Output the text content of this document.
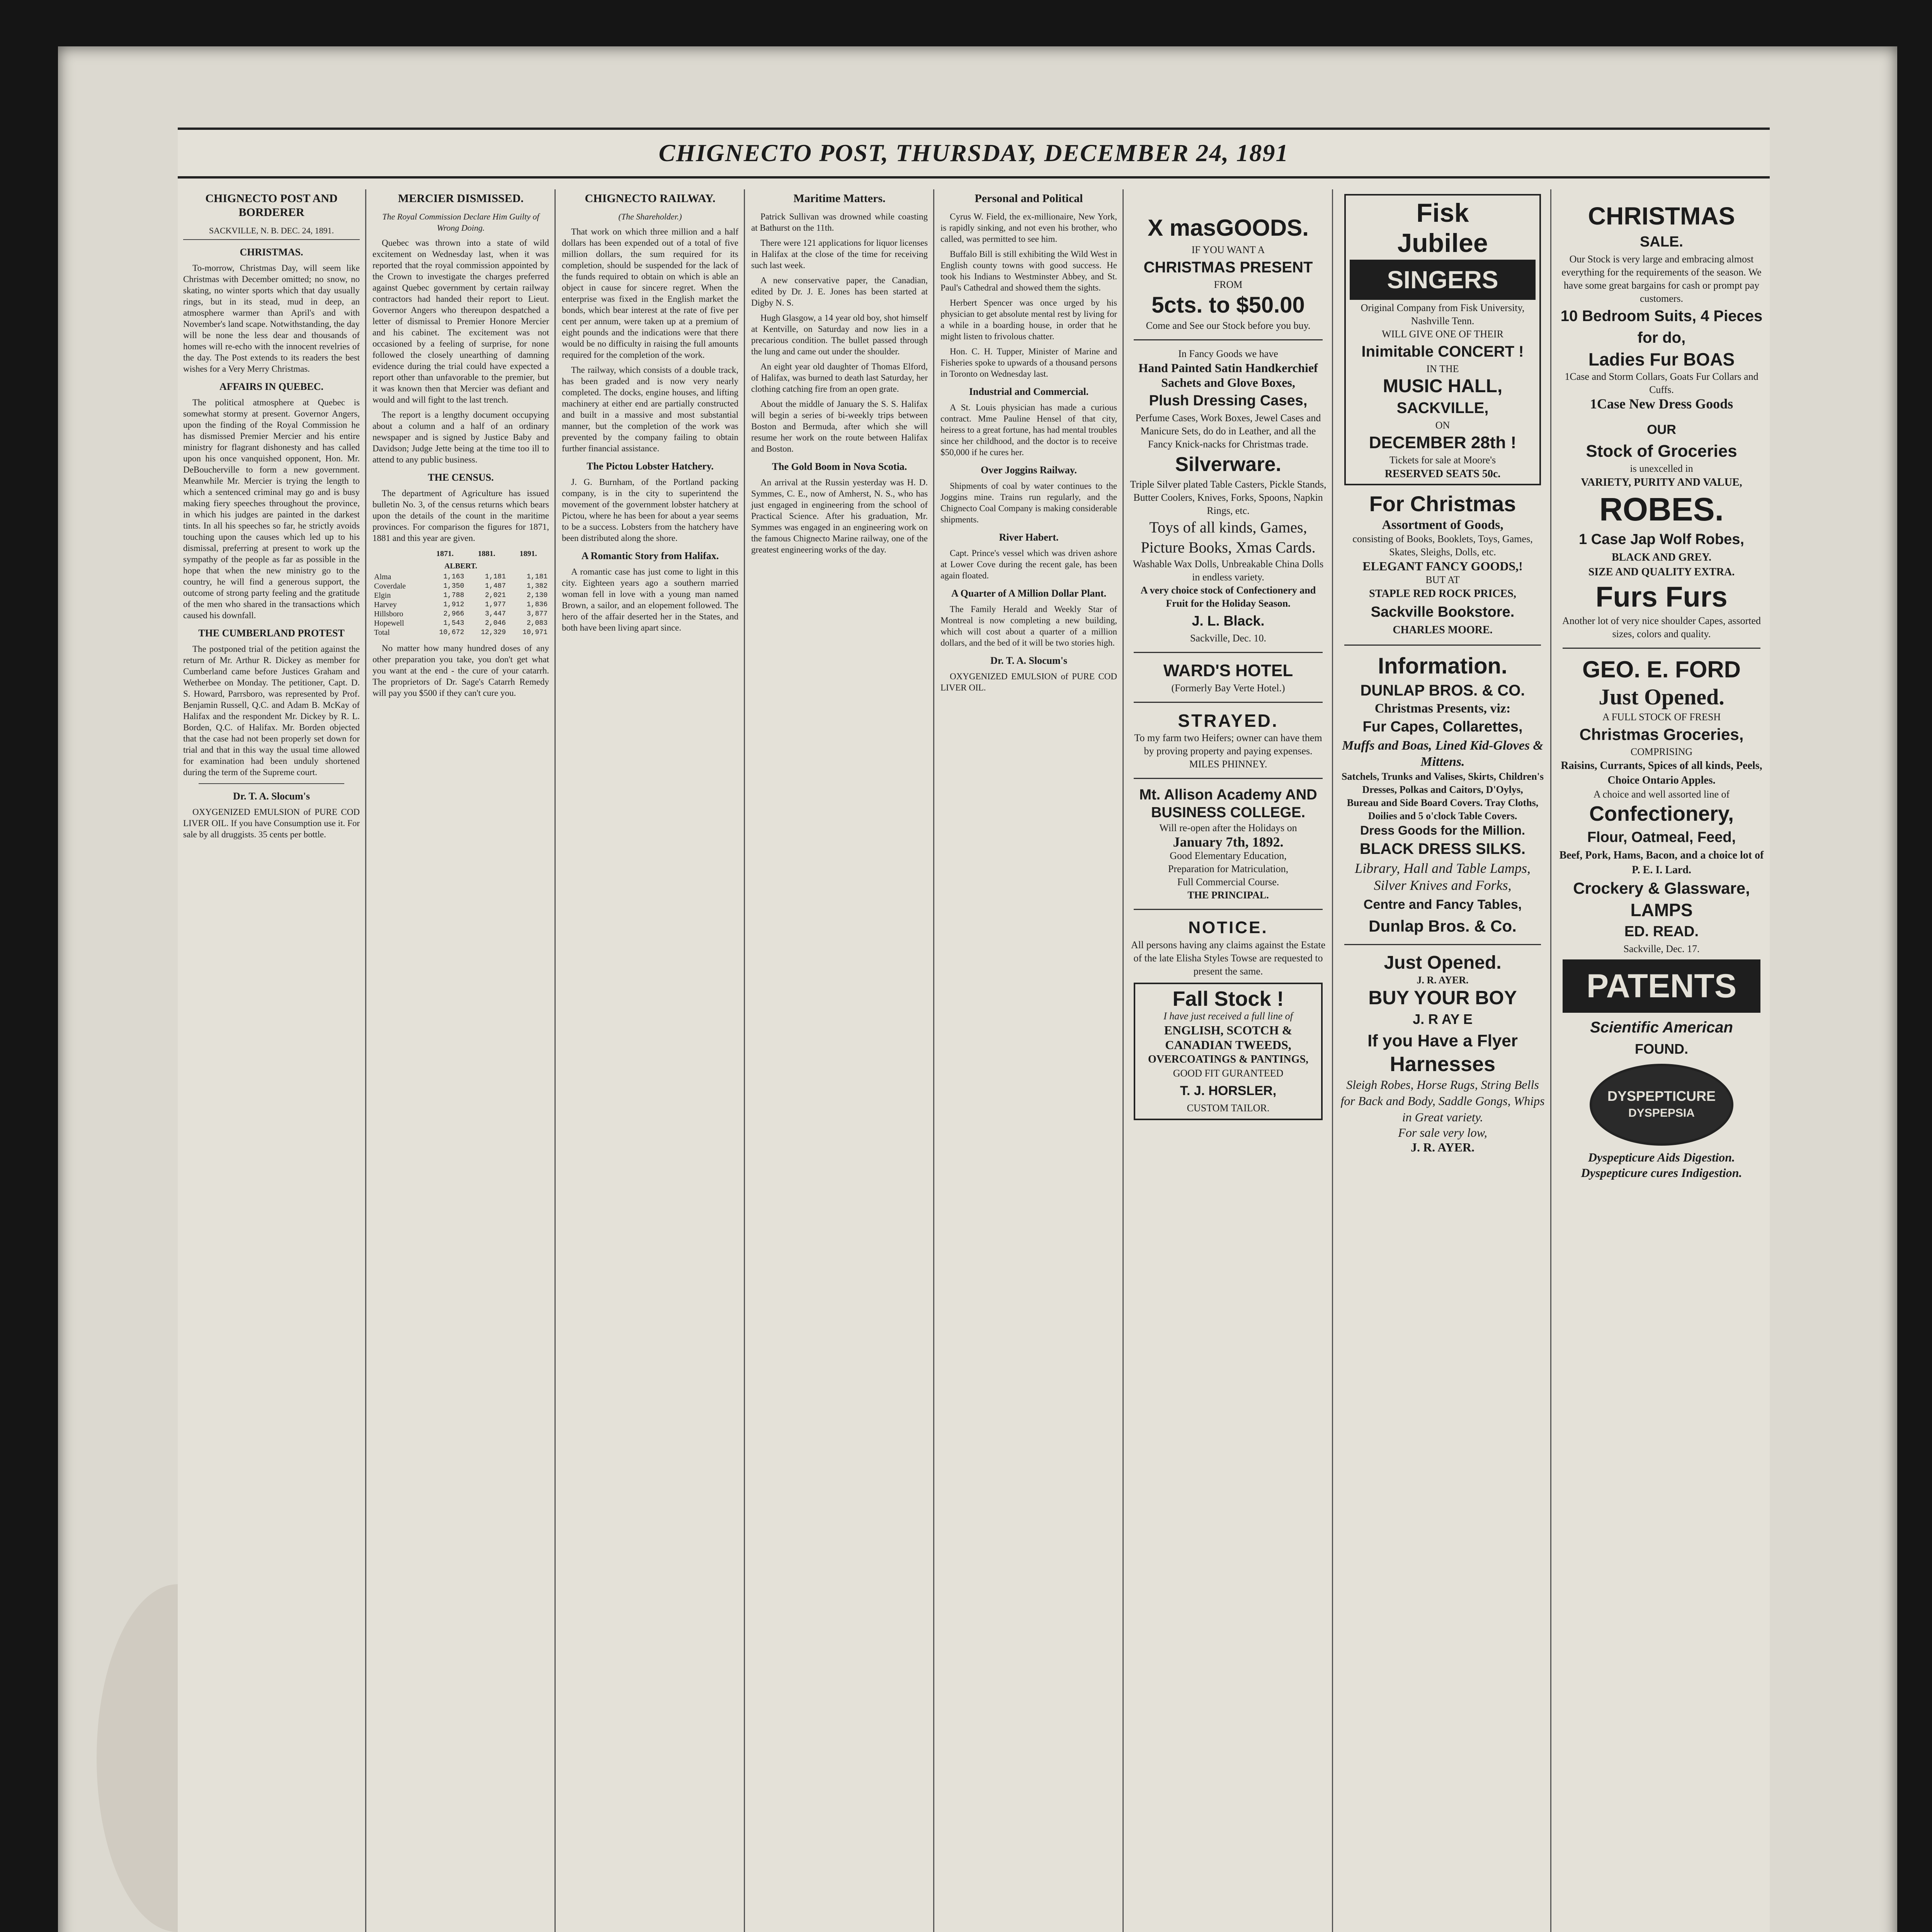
CHIGNECTO POST, THURSDAY, DECEMBER 24, 1891
CHIGNECTO POST AND BORDERER
SACKVILLE, N. B. DEC. 24, 1891.
CHRISTMAS.

To-morrow, Christmas Day, will seem like Christmas with December omitted; no snow, no skating, no winter sports which that day usually rings, but in its stead, mud in deep, an atmosphere warmer than April's and with November's land scape. Notwithstanding, the day will be none the less dear and thousands of homes will re-echo with the innocent revelries of the day. The Post extends to its readers the best wishes for a Very Merry Christmas.

AFFAIRS IN QUEBEC.

The political atmosphere at Quebec is somewhat stormy at present. Governor Angers, upon the finding of the Royal Commission he has dismissed Premier Mercier and his entire ministry for flagrant dishonesty and has called upon his once vanquished opponent, Hon. Mr. DeBoucherville to form a new government. Meanwhile Mr. Mercier is trying the length to which a sentenced criminal may go and is busy making fiery speeches throughout the province, in which his judges are painted in the darkest tints. In all his speeches so far, he strictly avoids touching upon the causes which led up to his dismissal, preferring at present to work up the sympathy of the people as far as possible in the hope that when the new ministry go to the country, he will find a generous support, the outcome of strong party feeling and the gratitude of the men who shared in the transactions which caused his downfall.

THE CUMBERLAND PROTEST

The postponed trial of the petition against the return of Mr. Arthur R. Dickey as member for Cumberland came before Justices Graham and Wetherbee on Monday. The petitioner, Capt. D. S. Howard, Parrsboro, was represented by Prof. Benjamin Russell, Q.C. and Adam B. McKay of Halifax and the respondent Mr. Dickey by R. L. Borden, Q.C. of Halifax. Mr. Borden objected that the case had not been properly set down for trial and that in this way the usual time allowed for examination had been unduly shortened during the term of the Supreme court.

Dr. T. A. Slocum's

OXYGENIZED EMULSION of PURE COD LIVER OIL. If you have Consumption use it. For sale by all druggists. 35 cents per bottle.

MERCIER DISMISSED.
The Royal Commission Declare Him Guilty of Wrong Doing.

Quebec was thrown into a state of wild excitement on Wednesday last, when it was reported that the royal commission appointed by the Crown to investigate the charges preferred against Quebec government by certain railway contractors had handed their report to Lieut. Governor Angers who thereupon despatched a letter of dismissal to Premier Honore Mercier and his cabinet. The excitement was not occasioned by a feeling of surprise, for none followed the closely unearthing of damning evidence during the trial could have expected a report other than unfavorable to the premier, but it was known then that Mercier was defiant and would and will fight to the last trench.

The report is a lengthy document occupying about a column and a half of an ordinary newspaper and is signed by Justice Baby and Davidson; Judge Jette being at the time too ill to attend to any public business.

THE CENSUS.

The department of Agriculture has issued bulletin No. 3, of the census returns which bears upon the details of the count in the maritime provinces. For comparison the figures for 1871, 1881 and this year are given.

	1871.	1881.	1891.
ALBERT.			
Alma	1,163	1,181	1,181
Coverdale	1,350	1,487	1,382
Elgin	1,788	2,021	2,130
Harvey	1,912	1,977	1,836
Hillsboro	2,966	3,447	3,877
Hopewell	1,543	2,046	2,083
Total	10,672	12,329	10,971

No matter how many hundred doses of any other preparation you take, you don't get what you want at the end - the cure of your catarrh. The proprietors of Dr. Sage's Catarrh Remedy will pay you $500 if they can't cure you.

CHIGNECTO RAILWAY.
(The Shareholder.)

That work on which three million and a half dollars has been expended out of a total of five million dollars, the sum required for its completion, should be suspended for the lack of the funds required to obtain on which is able an object in cause for sincere regret. When the enterprise was fixed in the English market the bonds, which bear interest at the rate of five per cent per annum, were taken up at a premium of eight pounds and the indications were that there would be no difficulty in raising the full amounts required for the completion of the work.

The railway, which consists of a double track, has been graded and is now very nearly completed. The docks, engine houses, and lifting machinery at either end are partially constructed and built in a massive and most substantial manner, but the completion of the work was prevented by the company failing to obtain further financial assistance.

The Pictou Lobster Hatchery.

J. G. Burnham, of the Portland packing company, is in the city to superintend the movement of the government lobster hatchery at Pictou, where he has been for about a year seems to be a success. Lobsters from the hatchery have been distributed along the shore.

A Romantic Story from Halifax.

A romantic case has just come to light in this city. Eighteen years ago a southern married woman fell in love with a young man named Brown, a sailor, and an elopement followed. The hero of the affair deserted her in the States, and both have been living apart since.

Maritime Matters.

Patrick Sullivan was drowned while coasting at Bathurst on the 11th.

There were 121 applications for liquor licenses in Halifax at the close of the time for receiving such last week.

A new conservative paper, the Canadian, edited by Dr. J. E. Jones has been started at Digby N. S.

Hugh Glasgow, a 14 year old boy, shot himself at Kentville, on Saturday and now lies in a precarious condition. The bullet passed through the lung and came out under the shoulder.

An eight year old daughter of Thomas Elford, of Halifax, was burned to death last Saturday, her clothing catching fire from an open grate.

About the middle of January the S. S. Halifax will begin a series of bi-weekly trips between Boston and Bermuda, after which she will resume her work on the route between Halifax and Boston.

The Gold Boom in Nova Scotia.

An arrival at the Russin yesterday was H. D. Symmes, C. E., now of Amherst, N. S., who has just engaged in engineering from the school of Practical Science. After his graduation, Mr. Symmes was engaged in an engineering work on the famous Chignecto Marine railway, one of the greatest engineering works of the day.

Personal and Political

Cyrus W. Field, the ex-millionaire, New York, is rapidly sinking, and not even his brother, who called, was permitted to see him.

Buffalo Bill is still exhibiting the Wild West in English county towns with good success. He took his Indians to Westminster Abbey, and St. Paul's Cathedral and showed them the sights.

Herbert Spencer was once urged by his physician to get absolute mental rest by living for a while in a boarding house, in order that he might listen to frivolous chatter.

Hon. C. H. Tupper, Minister of Marine and Fisheries spoke to upwards of a thousand persons in Toronto on Wednesday last.

Industrial and Commercial.

A St. Louis physician has made a curious contract. Mme Pauline Hensel of that city, heiress to a great fortune, has had mental troubles since her childhood, and the doctor is to receive $50,000 if he cures her.

Over Joggins Railway.

Shipments of coal by water continues to the Joggins mine. Trains run regularly, and the Chignecto Coal Company is making considerable shipments.

River Habert.

Capt. Prince's vessel which was driven ashore at Lower Cove during the recent gale, has been again floated.

A Quarter of A Million Dollar Plant.

The Family Herald and Weekly Star of Montreal is now completing a new building, which will cost about a quarter of a million dollars, and the bed of it will be two stories high.

Dr. T. A. Slocum's

OXYGENIZED EMULSION of PURE COD LIVER OIL.

X masGOODS.
IF YOU WANT A
CHRISTMAS PRESENT
FROM
5cts. to $50.00
Come and See our Stock before you buy.
In Fancy Goods we have
Hand Painted Satin Handkerchief Sachets and Glove Boxes,
Plush Dressing Cases,
Perfume Cases, Work Boxes, Jewel Cases and Manicure Sets, do do in Leather, and all the Fancy Knick-nacks for Christmas trade.
Silverware.
Triple Silver plated Table Casters, Pickle Stands, Butter Coolers, Knives, Forks, Spoons, Napkin Rings, etc.
Toys of all kinds, Games,
Picture Books, Xmas Cards.
Washable Wax Dolls, Unbreakable China Dolls in endless variety.
A very choice stock of Confectionery and Fruit for the Holiday Season.
J. L. Black.
Sackville, Dec. 10.
WARD'S HOTEL
(Formerly Bay Verte Hotel.)
STRAYED.
To my farm two Heifers; owner can have them by proving property and paying expenses.
MILES PHINNEY.
Mt. Allison Academy AND BUSINESS COLLEGE.
Will re-open after the Holidays on
January 7th, 1892.
Good Elementary Education,
Preparation for Matriculation,
Full Commercial Course.
THE PRINCIPAL.
NOTICE.
All persons having any claims against the Estate of the late Elisha Styles Towse are requested to present the same.
Fall Stock !
I have just received a full line of
ENGLISH, SCOTCH & CANADIAN TWEEDS,
OVERCOATINGS & PANTINGS,
GOOD FIT GURANTEED
T. J. HORSLER,
CUSTOM TAILOR.
Fisk
Jubilee
SINGERS
Original Company from Fisk University, Nashville Tenn.
WILL GIVE ONE OF THEIR
Inimitable CONCERT !
IN THE
MUSIC HALL,
SACKVILLE,
ON
DECEMBER 28th !
Tickets for sale at Moore's
RESERVED SEATS 50c.
For Christmas
Assortment of Goods,
consisting of Books, Booklets, Toys, Games, Skates, Sleighs, Dolls, etc.
ELEGANT FANCY GOODS,!
BUT AT
STAPLE RED ROCK PRICES,
Sackville Bookstore.
CHARLES MOORE.
Information.
DUNLAP BROS. & CO.
Christmas Presents, viz:
Fur Capes, Collarettes,
Muffs and Boas, Lined Kid-Gloves & Mittens.
Satchels, Trunks and Valises, Skirts, Children's Dresses, Polkas and Caitors, D'Oylys,
Bureau and Side Board Covers. Tray Cloths, Doilies and 5 o'clock Table Covers.
Dress Goods for the Million.
BLACK DRESS SILKS.
Library, Hall and Table Lamps, Silver Knives and Forks,
Centre and Fancy Tables,
Dunlap Bros. & Co.
Just Opened.
J. R. AYER.
BUY YOUR BOY
J. R AY E
If you Have a Flyer
Harnesses
Sleigh Robes, Horse Rugs, String Bells for Back and Body, Saddle Gongs, Whips in Great variety.
For sale very low,
J. R. AYER.
CHRISTMAS
SALE.
Our Stock is very large and embracing almost everything for the requirements of the season. We have some great bargains for cash or prompt pay customers.
10 Bedroom Suits, 4 Pieces for do,
Ladies Fur BOAS
1Case and Storm Collars, Goats Fur Collars and Cuffs.
1Case New Dress Goods
OUR
Stock of Groceries
is unexcelled in
VARIETY, PURITY AND VALUE,
ROBES.
1 Case Jap Wolf Robes,
BLACK AND GREY.
SIZE AND QUALITY EXTRA.
Furs Furs
Another lot of very nice shoulder Capes, assorted sizes, colors and quality.
GEO. E. FORD
Just Opened.
A FULL STOCK OF FRESH
Christmas Groceries,
COMPRISING
Raisins, Currants, Spices of all kinds, Peels, Choice Ontario Apples.
A choice and well assorted line of
Confectionery,
Flour, Oatmeal, Feed,
Beef, Pork, Hams, Bacon, and a choice lot of P. E. I. Lard.
Crockery & Glassware,
LAMPS
ED. READ.
Sackville, Dec. 17.
PATENTS
Scientific American
FOUND.
DYSPEPTICURE
DYSPEPSIA
Dyspepticure Aids Digestion. Dyspepticure cures Indigestion.
